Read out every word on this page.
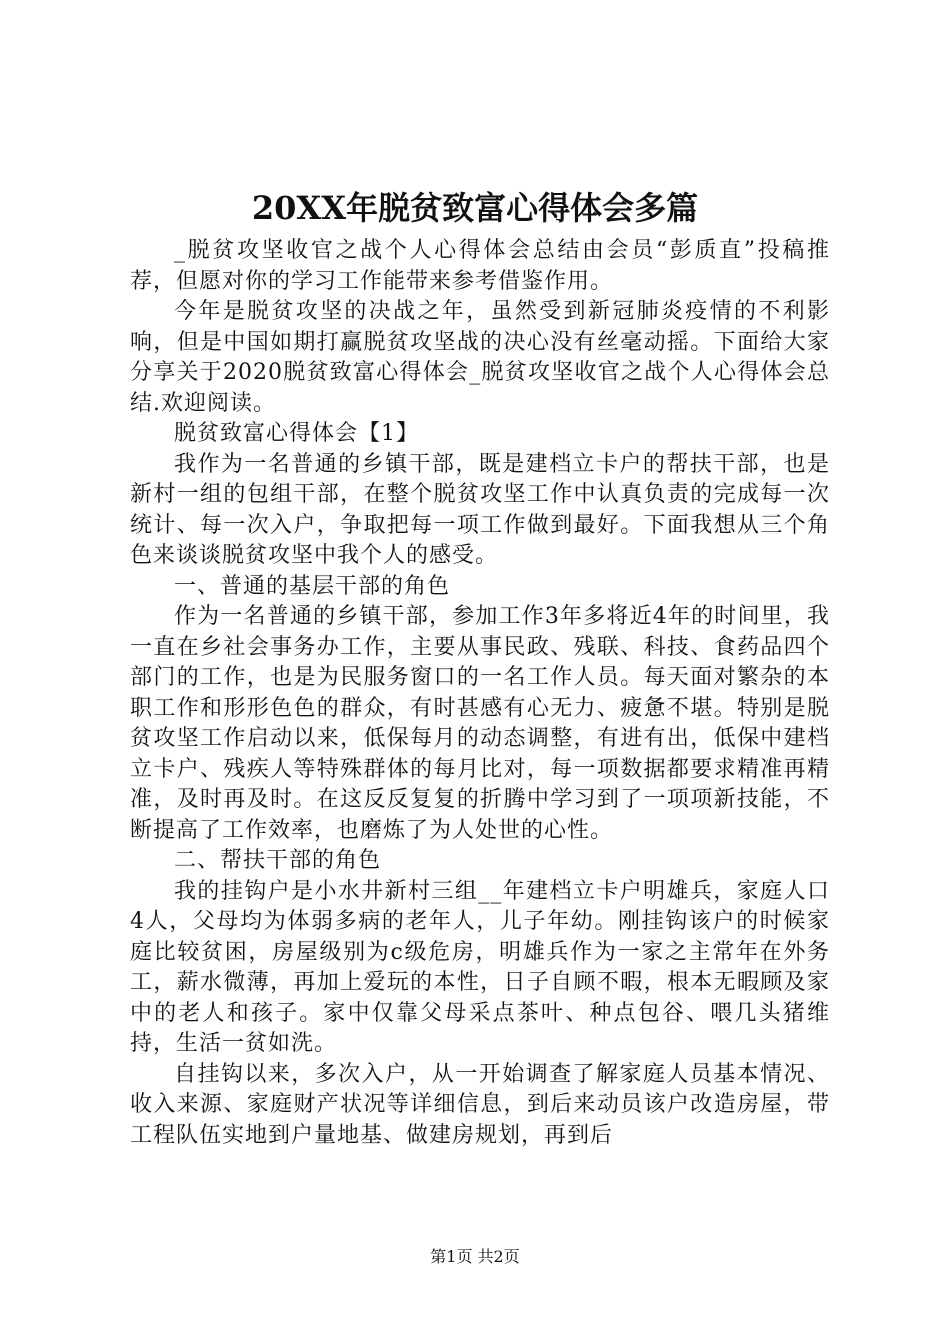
20XX年脱贫致富心得体会多篇

_脱贫攻坚收官之战个人心得体会总结由会员“彭质直”投稿推荐，但愿对你的学习工作能带来参考借鉴作用。

今年是脱贫攻坚的决战之年，虽然受到新冠肺炎疫情的不利影响，但是中国如期打赢脱贫攻坚战的决心没有丝毫动摇。下面给大家分享关于2020脱贫致富心得体会_脱贫攻坚收官之战个人心得体会总结.欢迎阅读。

脱贫致富心得体会【1】

我作为一名普通的乡镇干部，既是建档立卡户的帮扶干部，也是新村一组的包组干部，在整个脱贫攻坚工作中认真负责的完成每一次统计、每一次入户，争取把每一项工作做到最好。下面我想从三个角色来谈谈脱贫攻坚中我个人的感受。

一、普通的基层干部的角色

作为一名普通的乡镇干部，参加工作3年多将近4年的时间里，我一直在乡社会事务办工作，主要从事民政、残联、科技、食药品四个部门的工作，也是为民服务窗口的一名工作人员。每天面对繁杂的本职工作和形形色色的群众，有时甚感有心无力、疲惫不堪。特别是脱贫攻坚工作启动以来，低保每月的动态调整，有进有出，低保中建档立卡户、残疾人等特殊群体的每月比对，每一项数据都要求精准再精准，及时再及时。在这反反复复的折腾中学习到了一项项新技能，不断提高了工作效率，也磨炼了为人处世的心性。

二、帮扶干部的角色

我的挂钩户是小水井新村三组__年建档立卡户明雄兵，家庭人口4人，父母均为体弱多病的老年人，儿子年幼。刚挂钩该户的时候家庭比较贫困，房屋级别为c级危房，明雄兵作为一家之主常年在外务工，薪水微薄，再加上爱玩的本性，日子自顾不暇，根本无暇顾及家中的老人和孩子。家中仅靠父母采点茶叶、种点包谷、喂几头猪维持，生活一贫如洗。

自挂钩以来，多次入户，从一开始调查了解家庭人员基本情况、收入来源、家庭财产状况等详细信息，到后来动员该户改造房屋，带工程队伍实地到户量地基、做建房规划，再到后

第1页 共2页
